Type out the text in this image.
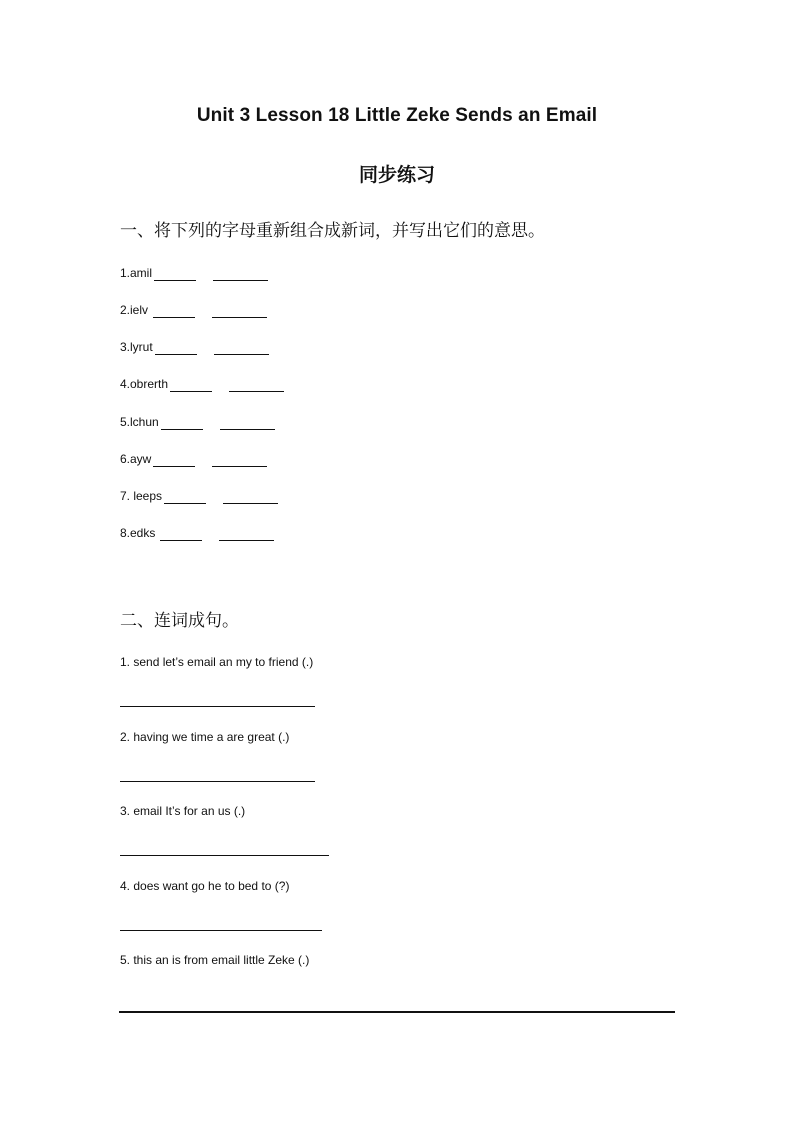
Unit 3 Lesson 18 Little Zeke Sends an Email
同步练习
一、将下列的字母重新组合成新词，并写出它们的意思。
1.amil
2.ielv
3.lyrut
4.obrerth
5.lchun
6.ayw
7. leeps
8.edks
二、连词成句。
1. send let’s email an my to friend (.)
2. having we time a are great (.)
3. email It’s for an us (.)
4. does want go he to bed to (?)
5. this an is from email little Zeke (.)
